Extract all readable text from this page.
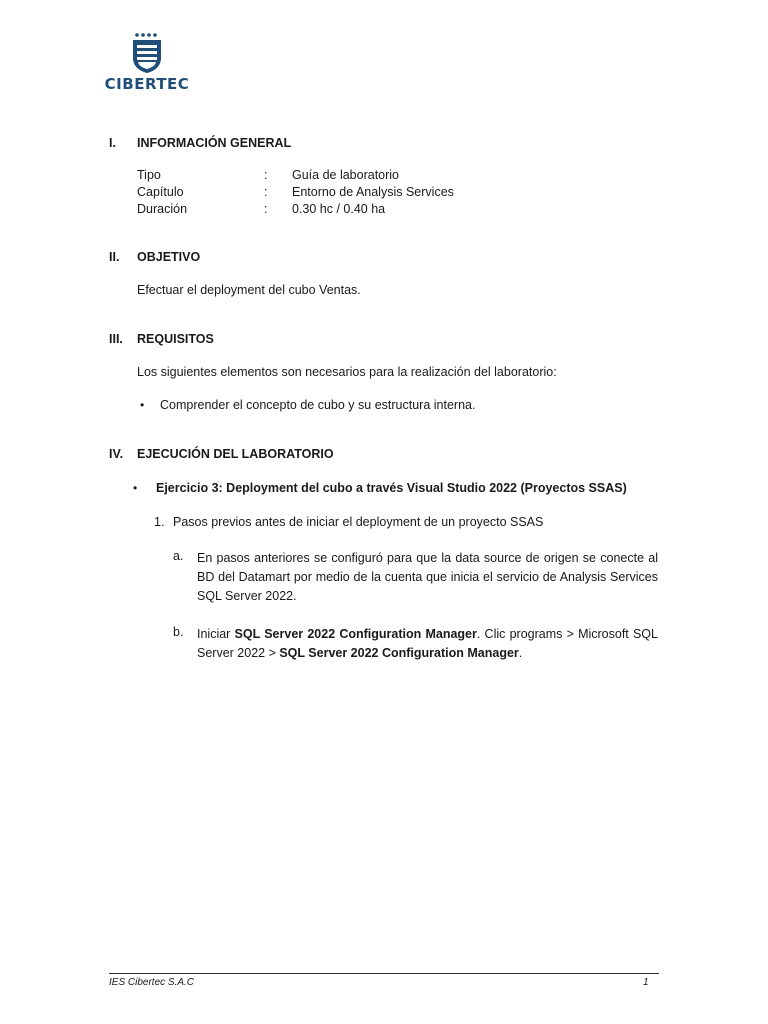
CIBERTEC
I. INFORMACIÓN GENERAL
Tipo	: Guía de laboratorio
Capítulo	: Entorno de Analysis Services
Duración	: 0.30 hc / 0.40 ha
II. OBJETIVO
Efectuar el deployment del cubo Ventas.
III. REQUISITOS
Los siguientes elementos son necesarios para la realización del laboratorio:
• Comprender el concepto de cubo y su estructura interna.
IV. EJECUCIÓN DEL LABORATORIO
• Ejercicio 3: Deployment del cubo a través Visual Studio 2022 (Proyectos SSAS)
1. Pasos previos antes de iniciar el deployment de un proyecto SSAS
a. En pasos anteriores se configuró para que la data source de origen se conecte al BD del Datamart por medio de la cuenta que inicia el servicio de Analysis Services SQL Server 2022.
b. Iniciar SQL Server 2022 Configuration Manager. Clic programs > Microsoft SQL Server 2022 > SQL Server 2022 Configuration Manager.
IES Cibertec S.A.C	1
